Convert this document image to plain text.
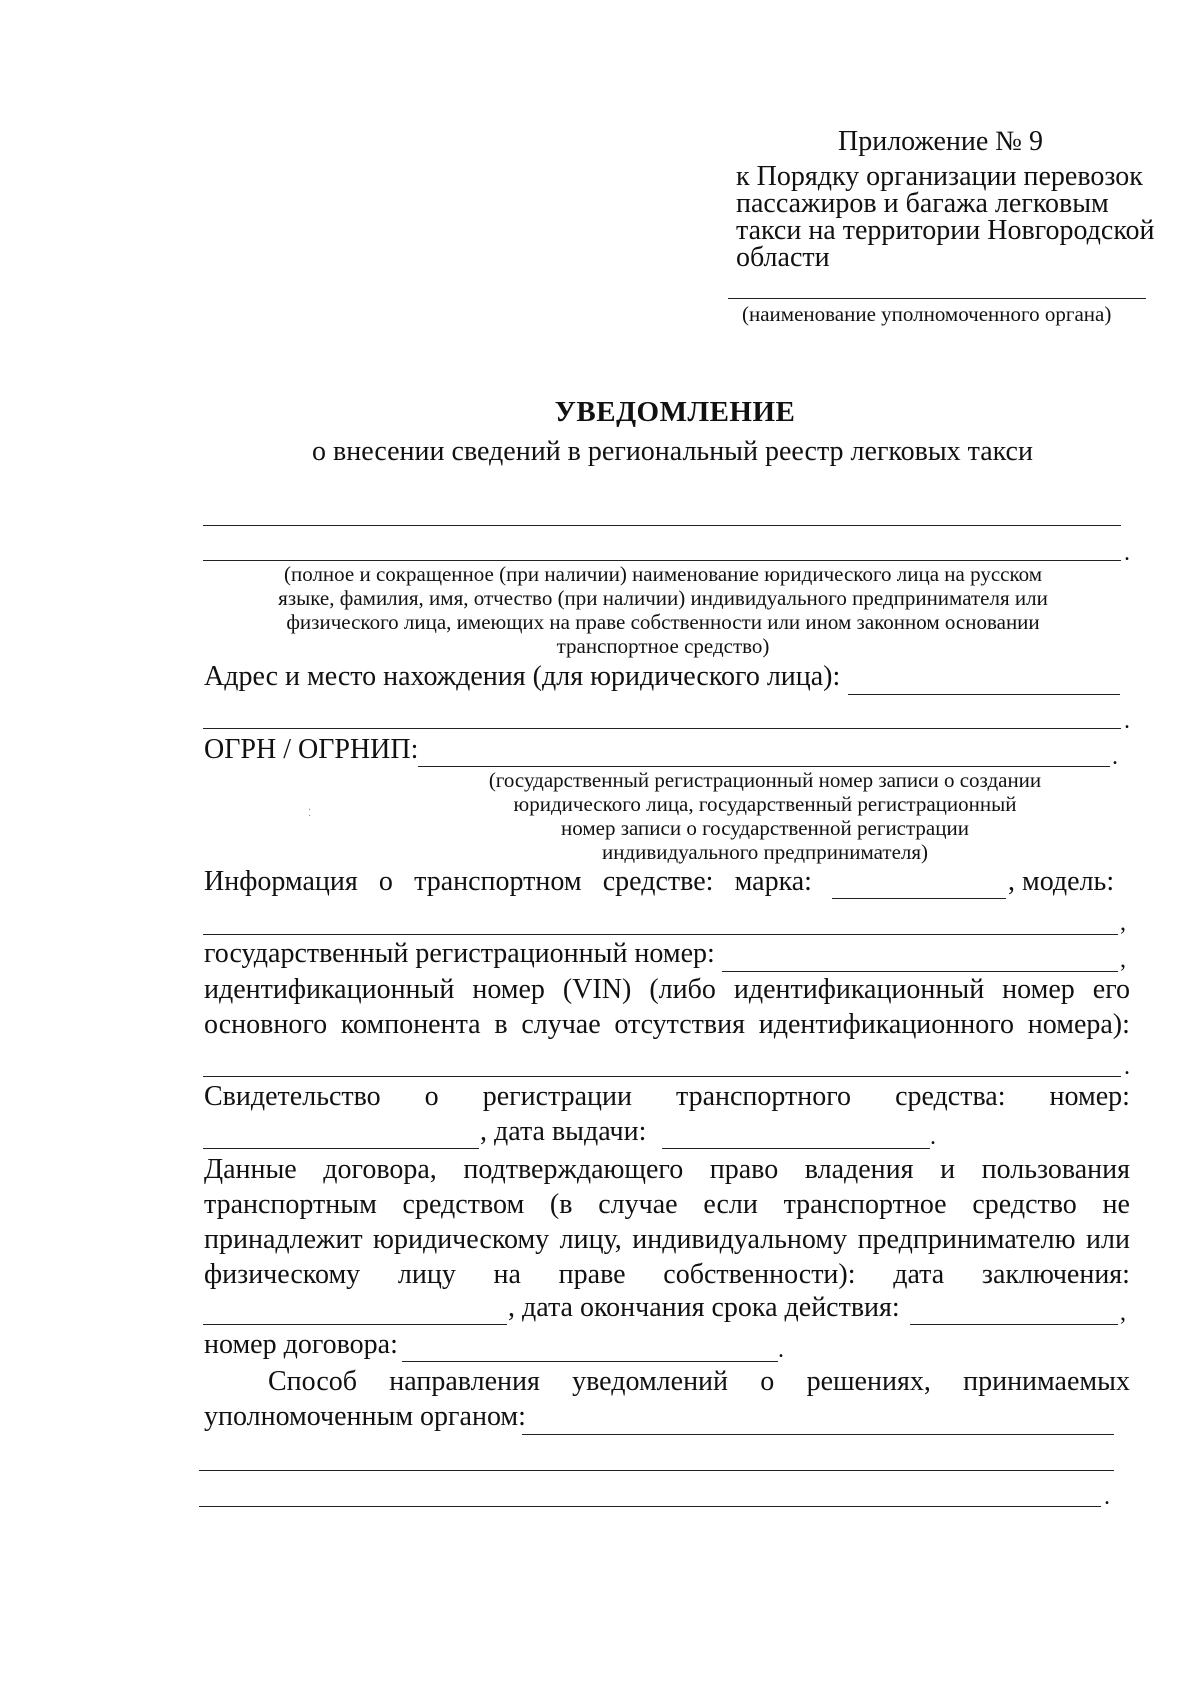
Приложение № 9
к Порядку организации перевозок
пассажиров и багажа легковым
такси на территории Новгородской
области
(наименование уполномоченного органа)
УВЕДОМЛЕНИЕ
о внесении сведений в региональный реестр легковых такси
.
(полное и сокращенное (при наличии) наименование юридического лица на русском
языке, фамилия, имя, отчество (при наличии) индивидуального предпринимателя или
физического лица, имеющих на праве собственности или ином законном основании
транспортное средство)
Адрес и место нахождения (для юридического лица):
.
ОГРН / ОГРНИП:	.
(государственный регистрационный номер записи о создании
юридического лица, государственный регистрационный
номер записи о государственной регистрации
индивидуального предпринимателя)
⁚
Информация о транспортном средстве: марка:	, модель:
,
государственный регистрационный номер:	,
идентификационный номер (VIN) (либо идентификационный номер его
основного компонента в случае отсутствия идентификационного номера):
.
Свидетельство о регистрации транспортного средства: номер:
, дата выдачи:	.
Данные договора, подтверждающего право владения и пользования
транспортным средством (в случае если транспортное средство не
принадлежит юридическому лицу, индивидуальному предпринимателю или
физическому лицу на праве собственности): дата заключения:
, дата окончания срока действия:	,
номер договора:	.
Способ направления уведомлений о решениях, принимаемых
уполномоченным органом:
.
